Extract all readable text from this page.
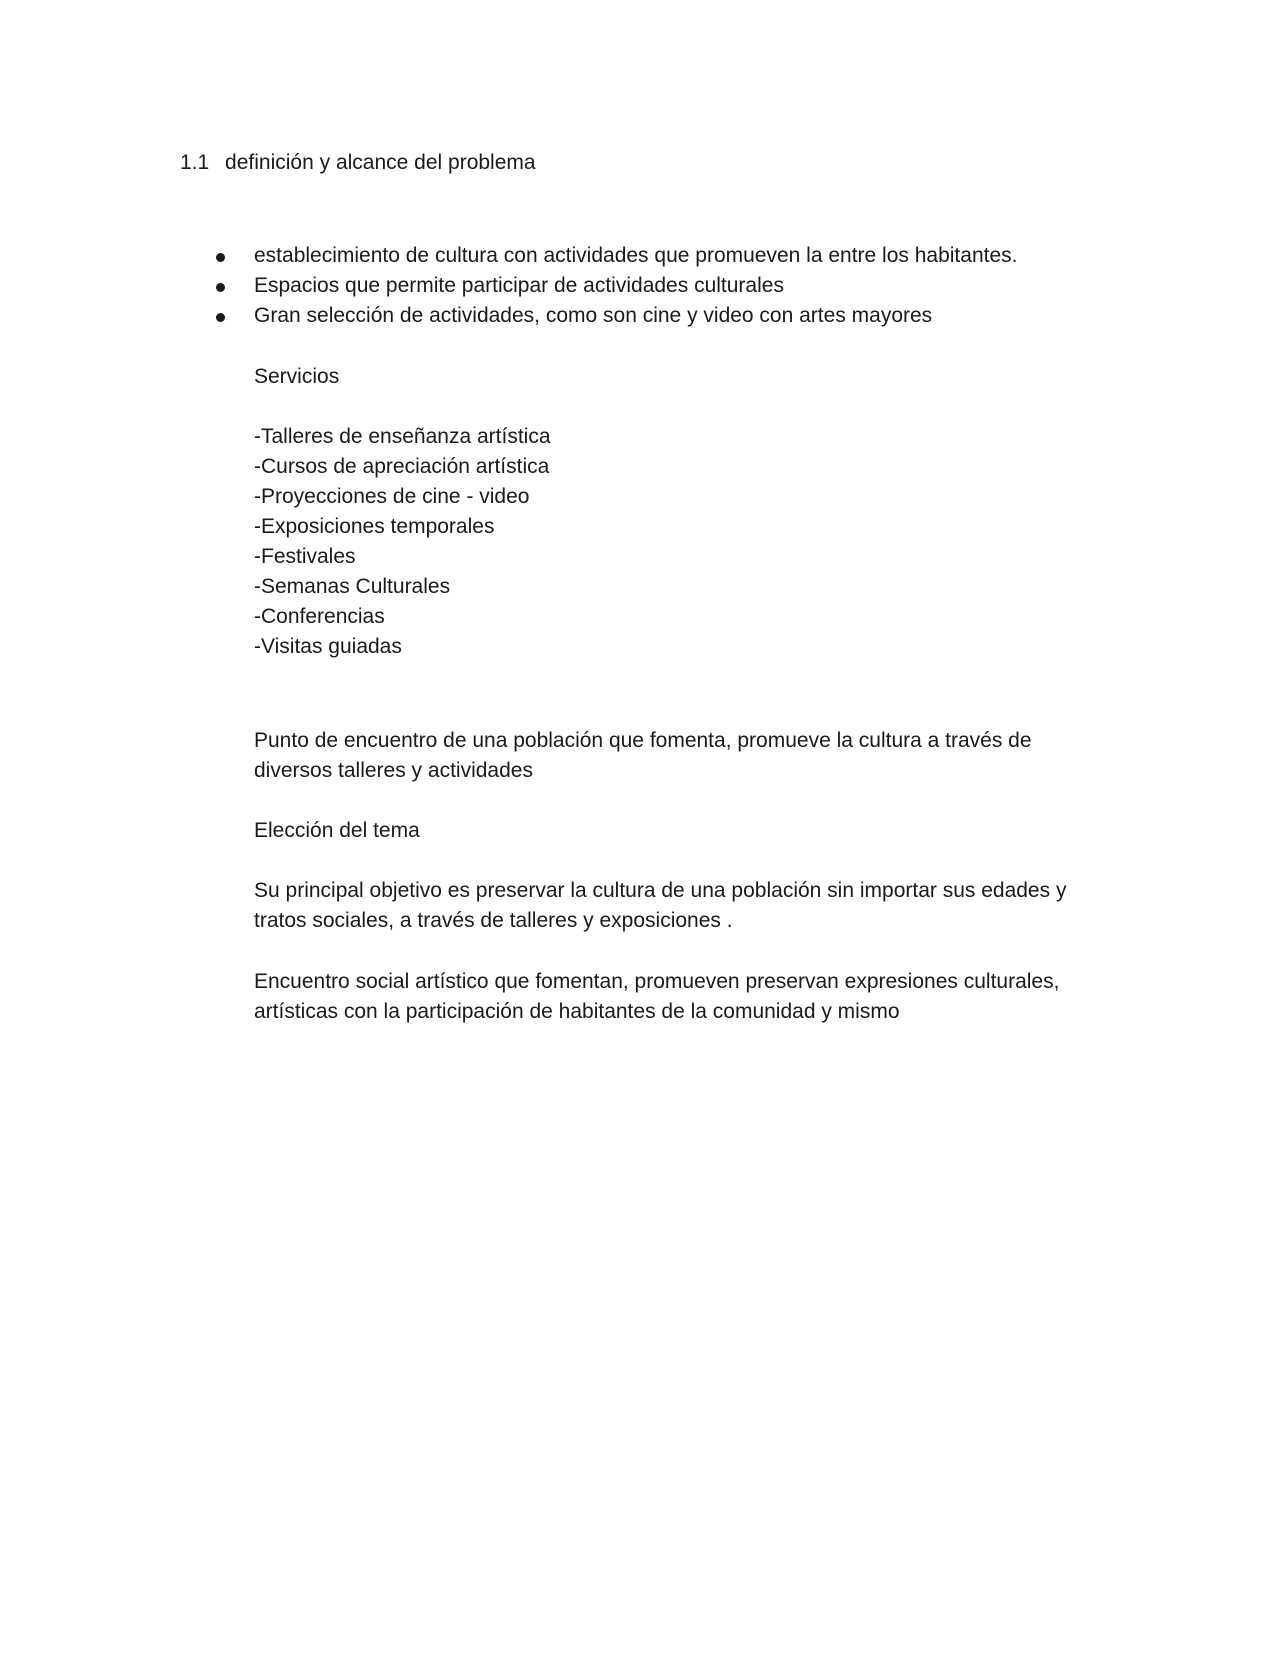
1.1 definición y alcance del problema
establecimiento de cultura con actividades que promueven la entre los habitantes.
Espacios que permite participar de actividades culturales
Gran selección de actividades, como son cine y video con artes mayores

Servicios

-Talleres de enseñanza artística
-Cursos de apreciación artística
-Proyecciones de cine - video
-Exposiciones temporales
-Festivales
-Semanas Culturales
-Conferencias
-Visitas guiadas

Punto de encuentro de una población que fomenta, promueve la cultura a través de diversos talleres y actividades

Elección del tema

Su principal objetivo es preservar la cultura de una población sin importar sus edades y tratos sociales, a través de talleres y exposiciones .

Encuentro social artístico que fomentan, promueven preservan expresiones culturales, artísticas con la participación de habitantes de la comunidad y mismo
